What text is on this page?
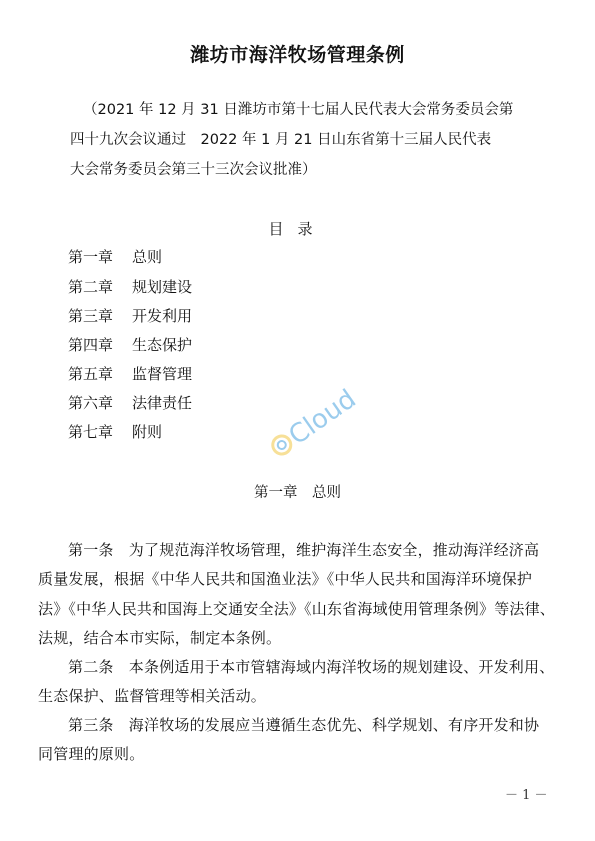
潍坊市海洋牧场管理条例
（2021 年 12 月 31 日潍坊市第十七届人民代表大会常务委员会第
四十九次会议通过　2022 年 1 月 21 日山东省第十三届人民代表
大会常务委员会第三十三次会议批准）
目录
第一章 总则
第二章 规划建设
第三章 开发利用
第四章 生态保护
第五章 监督管理
第六章 法律责任
第七章 附则	Cloud
第一章　总则
第一条　为了规范海洋牧场管理，维护海洋生态安全，推动海洋经济高
质量发展，根据《中华人民共和国渔业法》《中华人民共和国海洋环境保护
法》《中华人民共和国海上交通安全法》《山东省海域使用管理条例》等法律、
法规，结合本市实际，制定本条例。
第二条　本条例适用于本市管辖海域内海洋牧场的规划建设、开发利用、
生态保护、监督管理等相关活动。
第三条　海洋牧场的发展应当遵循生态优先、科学规划、有序开发和协
同管理的原则。
－ 1 －
